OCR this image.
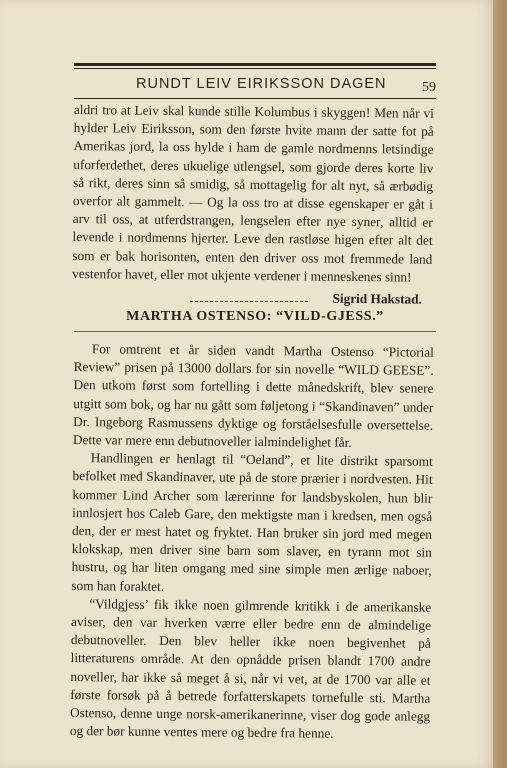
RUNDT LEIV EIRIKSSON DAGEN	59

aldri tro at Leiv skal kunde stille Kolumbus i skyggen! Men når vi hylder Leiv Eiriksson, som den første hvite mann der satte fot på Amerikas jord, la oss hylde i ham de gamle nordmenns letsindige uforferdethet, deres ukuelige utlengsel, som gjorde deres korte liv så rikt, deres sinn så smidig, så mottagelig for alt nyt, så ærbødig overfor alt gammelt. — Og la oss tro at disse egenskaper er gåt i arv til oss, at utferdstrangen, lengselen efter nye syner, alltid er levende i nordmenns hjerter. Leve den rastløse higen efter alt det som er bak horisonten, enten den driver oss mot fremmede land vestenfor havet, eller mot ukjente verdener i menneskenes sinn!

Sigrid Hakstad.

MARTHA OSTENSO: “VILD-GJESS.”

For omtrent et år siden vandt Martha Ostenso “Pictorial Review” prisen på 13000 dollars for sin novelle “WILD GEESE”. Den utkom først som fortelling i dette månedskrift, blev senere utgitt som bok, og har nu gått som føljetong i “Skandinaven” under Dr. Ingeborg Rasmussens dyktige og forståelsesfulle oversettelse. Dette var mere enn debutnoveller ialmindelighet får.

Handlingen er henlagt til “Oeland”, et lite distrikt sparsomt befolket med Skandinaver, ute på de store prærier i nordvesten. Hit kommer Lind Archer som lærerinne for landsbyskolen, hun blir innlosjert hos Caleb Gare, den mektigste man i kredsen, men også den, der er mest hatet og fryktet. Han bruker sin jord med megen klokskap, men driver sine barn som slaver, en tyrann mot sin hustru, og har liten omgang med sine simple men ærlige naboer, som han foraktet.

“Vildgjess’ fik ikke noen gilmrende kritikk i de amerikanske aviser, den var hverken værre eller bedre enn de almindelige debutnoveller. Den blev heller ikke noen begivenhet på litteraturens område. At den opnådde prisen blandt 1700 andre noveller, har ikke så meget å si, når vi vet, at de 1700 var alle et første forsøk på å betrede forfatterskapets tornefulle sti. Martha Ostenso, denne unge norsk-amerikanerinne, viser dog gode anlegg og der bør kunne ventes mere og bedre fra henne.
